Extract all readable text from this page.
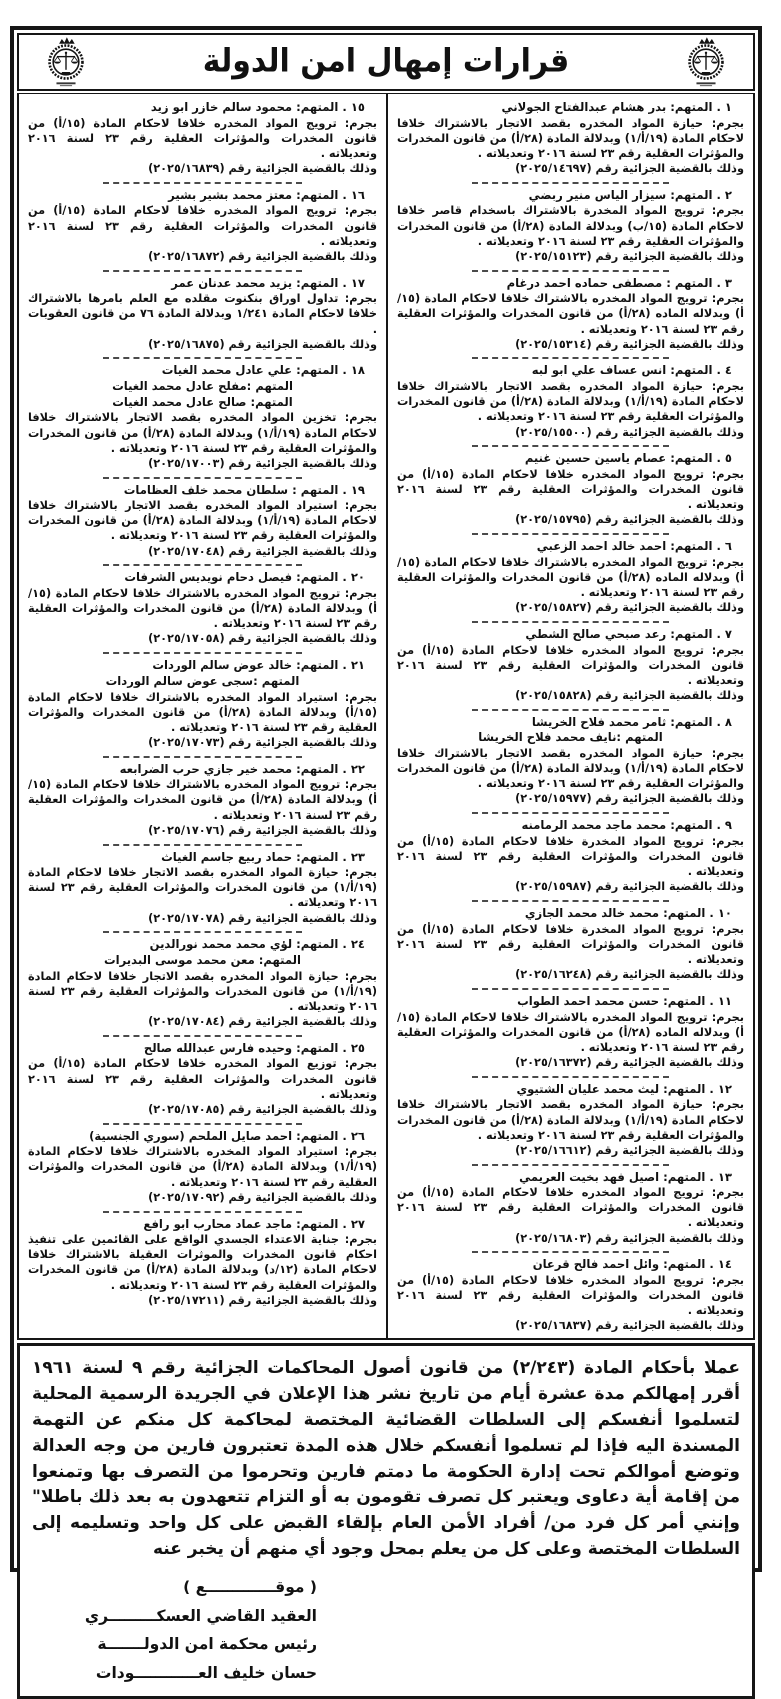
قرارات إمهال امن الدولة
١ . المتهم: بدر هشام عبدالفتاح الجولاني
بجرم: حيازة المواد المخدره بقصد الاتجار بالاشتراك خلافا لاحكام المادة (١٩/أ/١) وبدلالة المادة (٢٨/أ) من قانون المخدرات والمؤثرات العقلية رقم ٢٣ لسنة ٢٠١٦ وتعديلاته .
وذلك بالقضية الجزائية رقم (٢٠٢٥/١٤٦٩٧)
٢ . المتهم: سيزار الياس منير ربضي
بجرم: ترويج المواد المخدرة بالاشتراك باسخدام قاصر خلافا لاحكام المادة (١٥/ب) وبدلالة المادة (٢٨/أ) من قانون المخدرات والمؤثرات العقلية رقم ٢٣ لسنة ٢٠١٦ وتعديلاته .
وذلك بالقضية الجزائية رقم (٢٠٢٥/١٥١٢٣)
٣ . المتهم : مصطفى حماده احمد درغام
بجرم: ترويج المواد المخدره بالاشتراك خلافا لاحكام المادة (١٥/أ) وبدلاله الماده (٢٨/أ) من قانون المخدرات والمؤثرات العقلية رقم ٢٣ لسنة ٢٠١٦ وتعديلاته .
وذلك بالقضية الجزائية رقم (٢٠٢٥/١٥٣١٤)
٤ . المتهم: انس عساف علي ابو لبه
بجرم: حيازة المواد المخدره بقصد الاتجار بالاشتراك خلافا لاحكام المادة (١٩/أ/١) وبدلالة المادة (٢٨/أ) من قانون المخدرات والمؤثرات العقلية رقم ٢٣ لسنة ٢٠١٦ وتعديلاته .
وذلك بالقضية الجزائية رقم (٢٠٢٥/١٥٥٠٠)
٥ . المتهم: عصام ياسين حسين غنيم
بجرم: ترويج المواد المخدره خلافا لاحكام المادة (١٥/أ) من قانون المخدرات والمؤثرات العقلية رقم ٢٣ لسنة ٢٠١٦ وتعديلاته .
وذلك بالقضية الجزائية رقم (٢٠٢٥/١٥٧٩٥)
٦ . المتهم: احمد خالد احمد الزعبي
بجرم: ترويج المواد المخدره بالاشتراك خلافا لاحكام المادة (١٥/أ) وبدلاله الماده (٢٨/أ) من قانون المخدرات والمؤثرات العقلية رقم ٢٣ لسنة ٢٠١٦ وتعديلاته .
وذلك بالقضية الجزائية رقم (٢٠٢٥/١٥٨٢٧)
٧ . المتهم: رعد صبحي صالح الشطي
بجرم: ترويج المواد المخدره خلافا لاحكام المادة (١٥/أ) من قانون المخدرات والمؤثرات العقلية رقم ٢٣ لسنة ٢٠١٦ وتعديلاته .
وذلك بالقضية الجزائية رقم (٢٠٢٥/١٥٨٢٨)
٨ . المتهم: ثامر محمد فلاح الخريشا
المتهم :نايف محمد فلاح الخريشا
بجرم: حيازة المواد المخدره بقصد الاتجار بالاشتراك خلافا لاحكام المادة (١٩/أ/١) وبدلالة المادة (٢٨/أ) من قانون المخدرات والمؤثرات العقلية رقم ٢٣ لسنة ٢٠١٦ وتعديلاته .
وذلك بالقضية الجزائية رقم (٢٠٢٥/١٥٩٧٧)
٩ . المتهم: محمد ماجد محمد الرمامنه
بجرم: ترويج المواد المخدرة خلافا لاحكام المادة (١٥/أ) من قانون المخدرات والمؤثرات العقلية رقم ٢٣ لسنة ٢٠١٦ وتعديلاته .
وذلك بالقضية الجزائية رقم (٢٠٢٥/١٥٩٨٧)
١٠ . المتهم: محمد خالد محمد الجازي
بجرم: ترويج المواد المخدرة خلافا لاحكام المادة (١٥/أ) من قانون المخدرات والمؤثرات العقلية رقم ٢٣ لسنة ٢٠١٦ وتعديلاته .
وذلك بالقضية الجزائية رقم (٢٠٢٥/١٦٢٤٨)
١١ . المتهم: حسن محمد احمد الطواب
بجرم: ترويج المواد المخدره بالاشتراك خلافا لاحكام المادة (١٥/أ) وبدلاله الماده (٢٨/أ) من قانون المخدرات والمؤثرات العقلية رقم ٢٣ لسنة ٢٠١٦ وتعديلاته .
وذلك بالقضية الجزائية رقم (٢٠٢٥/١٦٣٧٢)
١٢ . المتهم: ليث محمد عليان الشتيوي
بجرم: حيازة المواد المخدره بقصد الاتجار بالاشتراك خلافا لاحكام المادة (١٩/أ/١) وبدلالة المادة (٢٨/أ) من قانون المخدرات والمؤثرات العقلية رقم ٢٣ لسنة ٢٠١٦ وتعديلاته .
وذلك بالقضية الجزائية رقم (٢٠٢٥/١٦٦١٢)
١٣ . المتهم: اصيل فهد بخيت العريمي
بجرم: ترويج المواد المخدره خلافا لاحكام المادة (١٥/أ) من قانون المخدرات والمؤثرات العقلية رقم ٢٣ لسنة ٢٠١٦ وتعديلاته .
وذلك بالقضية الجزائية رقم (٢٠٢٥/١٦٨٠٣)
١٤ . المتهم: وائل احمد فالح قرعان
بجرم: ترويج المواد المخدره خلافا لاحكام المادة (١٥/أ) من قانون المخدرات والمؤثرات العقلية رقم ٢٣ لسنة ٢٠١٦ وتعديلاته .
وذلك بالقضية الجزائية رقم (٢٠٢٥/١٦٨٣٧)
١٥ . المتهم: محمود سالم خازر ابو زيد
بجرم: ترويج المواد المخدره خلافا لاحكام المادة (١٥/أ) من قانون المخدرات والمؤثرات العقلية رقم ٢٣ لسنة ٢٠١٦ وتعديلاته .
وذلك بالقضية الجزائية رقم (٢٠٢٥/١٦٨٣٩)
١٦ . المتهم: معتز محمد بشير بشير
بجرم: ترويج المواد المخدره خلافا لاحكام المادة (١٥/أ) من قانون المخدرات والمؤثرات العقلية رقم ٢٣ لسنة ٢٠١٦ وتعديلاته .
وذلك بالقضية الجزائية رقم (٢٠٢٥/١٦٨٧٢)
١٧ . المتهم: يزيد محمد عدنان عمر
بجرم: تداول اوراق بنكنوت مقلده مع العلم بامرها بالاشتراك خلافا لاحكام المادة ١/٢٤١ وبدلالة المادة ٧٦ من قانون العقوبات .
وذلك بالقضية الجزائية رقم (٢٠٢٥/١٦٨٧٥)
١٨ . المتهم: علي عادل محمد الغيات
المتهم :مفلح عادل محمد الغيات
المتهم: صالح عادل محمد الغيات
بجرم: تخزين المواد المخدره بقصد الاتجار بالاشتراك خلافا لاحكام المادة (١٩/أ/١) وبدلالة المادة (٢٨/أ) من قانون المخدرات والمؤثرات العقلية رقم ٢٣ لسنة ٢٠١٦ وتعديلاته .
وذلك بالقضية الجزائية رقم (٢٠٢٥/١٧٠٠٣)
١٩ . المتهم : سلطان محمد خلف العظامات
بجرم: استيراد المواد المخدره بقصد الاتجار بالاشتراك خلافا لاحكام المادة (١٩/أ/١) وبدلالة المادة (٢٨/أ) من قانون المخدرات والمؤثرات العقلية رقم ٢٣ لسنة ٢٠١٦ وتعديلاته .
وذلك بالقضية الجزائية رقم (٢٠٢٥/١٧٠٤٨)
٢٠ . المتهم: فيصل دحام نويديس الشرفات
بجرم: ترويج المواد المخدره بالاشتراك خلافا لاحكام المادة (١٥/أ) وبدلالة المادة (٢٨/أ) من قانون المخدرات والمؤثرات العقلية رقم ٢٣ لسنة ٢٠١٦ وتعديلاته .
وذلك بالقضية الجزائية رقم (٢٠٢٥/١٧٠٥٨)
٢١ . المتهم: خالد عوض سالم الوردات
المتهم :سجى عوض سالم الوردات
بجرم: استيراد المواد المخدره بالاشتراك خلافا لاحكام المادة (١٥/أ) وبدلالة المادة (٢٨/أ) من قانون المخدرات والمؤثرات العقلية رقم ٢٣ لسنة ٢٠١٦ وتعديلاته .
وذلك بالقضية الجزائية رقم (٢٠٢٥/١٧٠٧٣)
٢٢ . المتهم: محمد خير جازي حرب الضرابعه
بجرم: ترويج المواد المخدره بالاشتراك خلافا لاحكام المادة (١٥/أ) وبدلالة المادة (٢٨/أ) من قانون المخدرات والمؤثرات العقلية رقم ٢٣ لسنة ٢٠١٦ وتعديلاته .
وذلك بالقضية الجزائية رقم (٢٠٢٥/١٧٠٧٦)
٢٣ . المتهم: حماد ربيع جاسم الغياث
بجرم: حيازة المواد المخدره بقصد الاتجار خلافا لاحكام المادة (١٩/أ/١) من قانون المخدرات والمؤثرات العقلية رقم ٢٣ لسنة ٢٠١٦ وتعديلاته .
وذلك بالقضية الجزائية رقم (٢٠٢٥/١٧٠٧٨)
٢٤ . المتهم: لؤي محمد محمد نورالدين
المتهم: معن محمد موسى البديرات
بجرم: حيازة المواد المخدره بقصد الاتجار خلافا لاحكام المادة (١٩/أ/١) من قانون المخدرات والمؤثرات العقلية رقم ٢٣ لسنة ٢٠١٦ وتعديلاته .
وذلك بالقضية الجزائية رقم (٢٠٢٥/١٧٠٨٤)
٢٥ . المتهم: وحيده فارس عبدالله صالح
بجرم: توزيع المواد المخدره خلافا لاحكام المادة (١٥/أ) من قانون المخدرات والمؤثرات العقلية رقم ٢٣ لسنة ٢٠١٦ وتعديلاته .
وذلك بالقضية الجزائية رقم (٢٠٢٥/١٧٠٨٥)
٢٦ . المتهم: احمد صايل الملحم (سوري الجنسية)
بجرم: استيراد المواد المخدره بالاشتراك خلافا لاحكام المادة (١٩/أ/١) وبدلالة المادة (٢٨/أ) من قانون المخدرات والمؤثرات العقلية رقم ٢٣ لسنة ٢٠١٦ وتعديلاته .
وذلك بالقضية الجزائية رقم (٢٠٢٥/١٧٠٩٢)
٢٧ . المتهم: ماجد عماد محارب ابو رافع
بجرم: جناية الاعتداء الجسدي الواقع على القائمين على تنفيذ احكام قانون المخدرات والموثرات العقيلة بالاشتراك خلافا لاحكام المادة (١٢/د) وبدلالة المادة (٢٨/أ) من قانون المخدرات والمؤثرات العقلية رقم ٢٣ لسنة ٢٠١٦ وتعديلاته .
وذلك بالقضية الجزائية رقم (٢٠٢٥/١٧٢١١)

عملا بأحكام المادة (٢/٢٤٣) من قانون أصول المحاكمات الجزائية رقم ٩ لسنة ١٩٦١ أقرر إمهالكم مدة عشرة أيام من تاريخ نشر هذا الإعلان في الجريدة الرسمية المحلية لتسلموا أنفسكم إلى السلطات القضائية المختصة لمحاكمة كل منكم عن التهمة المسندة اليه فإذا لم تسلموا أنفسكم خلال هذه المدة تعتبرون فارين من وجه العدالة وتوضع أموالكم تحت إدارة الحكومة ما دمتم فارين وتحرموا من التصرف بها وتمنعوا من إقامة أية دعاوى ويعتبر كل تصرف تقومون به أو التزام تتعهدون به بعد ذلك باطلا" وإنني أمر كل فرد من/ أفراد الأمن العام بإلقاء القبض على كل واحد وتسليمه إلى السلطات المختصة وعلى كل من يعلم بمحل وجود أي منهم أن يخبر عنه

( موقـــــــــــــع )
العقيد القاضي العسكـــــــــري
رئيس محكمة امن الدولـــــــة
حسان خليف العــــــــــــودات
